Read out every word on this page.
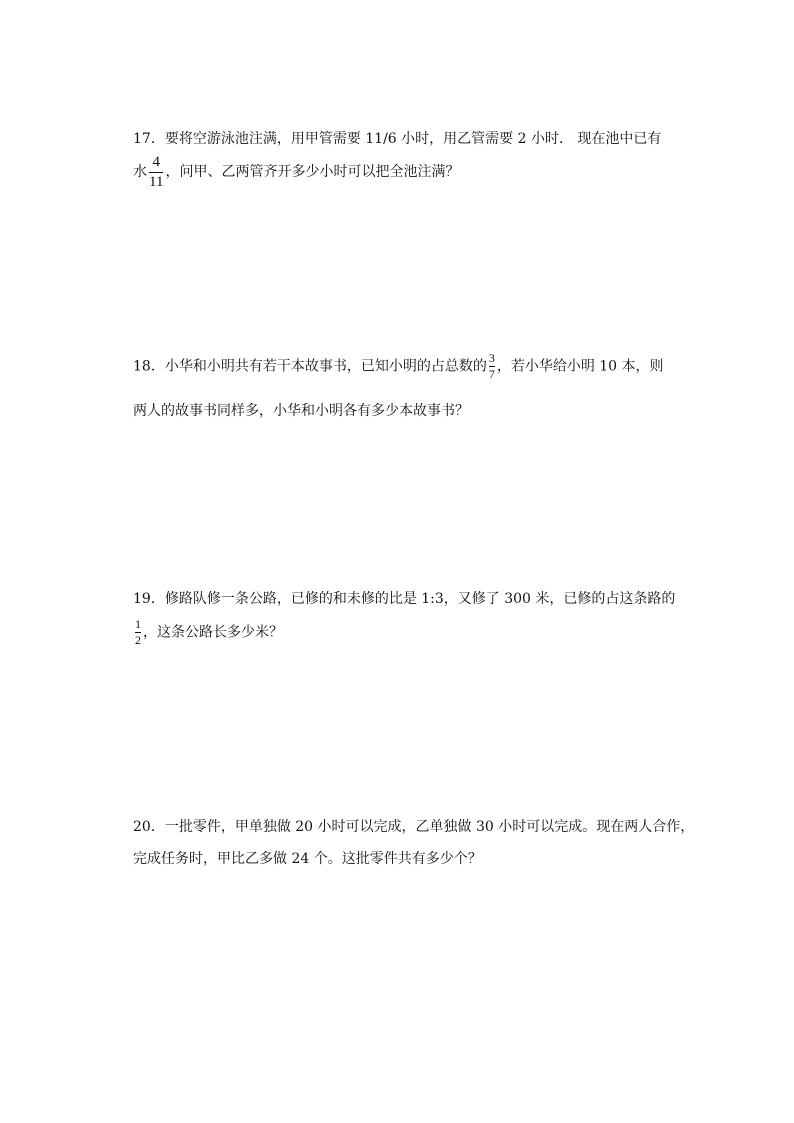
17．要将空游泳池注满，用甲管需要 11/6 小时，用乙管需要 2 小时． 现在池中已有
水 $\frac{4}{11}$ ，问甲、乙两管齐开多少小时可以把全池注满？
18．小华和小明共有若干本故事书，已知小明的占总数的 $\frac{3}{7}$ ，若小华给小明 10 本，则
两人的故事书同样多，小华和小明各有多少本故事书？
19．修路队修一条公路，已修的和未修的比是 1:3，又修了 300 米，已修的占这条路的
$\frac{1}{2}$ ，这条公路长多少米？
20．一批零件，甲单独做 20 小时可以完成，乙单独做 30 小时可以完成。现在两人合作，
完成任务时，甲比乙多做 24 个。这批零件共有多少个？
